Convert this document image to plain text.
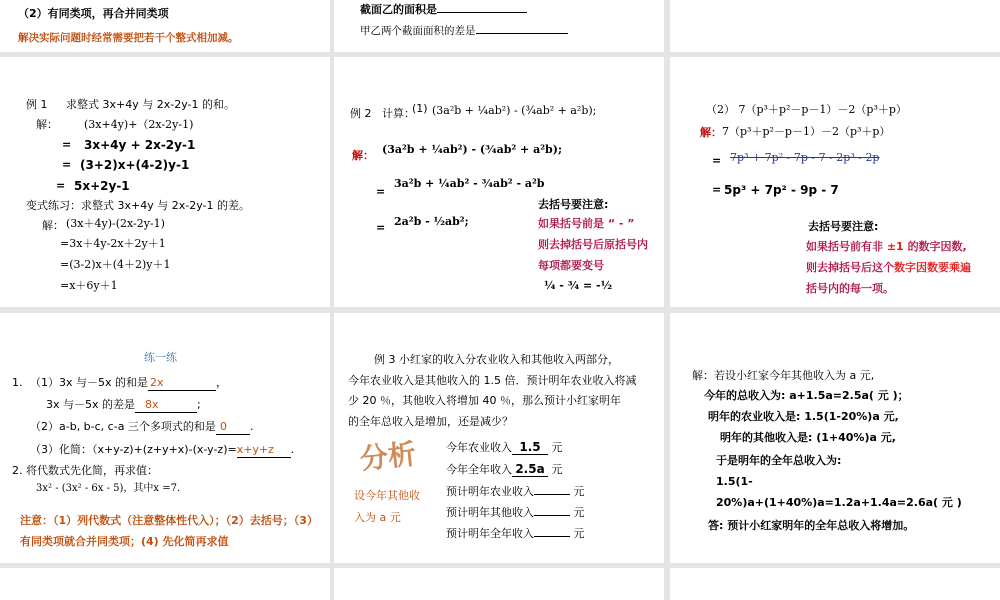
（2）有同类项，再合并同类项
解决实际问题时经常需要把若干个整式相加减。
截面乙的面积是
甲乙两个截面面积的差是
例 1 求整式 3x+4y 与 2x-2y-1 的和。
解： (3x+4y)+（2x-2y-1)
= 3x+4y + 2x-2y-1
= (3+2)x+(4-2)y-1
= 5x+2y-1
变式练习：求整式 3x+4y 与 2x-2y-1 的差。
解： (3x＋4y)-(2x-2y-1)
=3x＋4y-2x＋2y＋1
=(3-2)x＋(4＋2)y＋1
=x＋6y＋1
例 2 计算：
(1) (3a²b + ¼ab²) - (¾ab² + a²b);
解： (3a²b + ¼ab²) - (¾ab² + a²b);
=
3a²b + ¼ab² - ¾ab² - a²b
= 2a²b - ½ab²;
去括号要注意:
如果括号前是 “ - ”
则去掉括号后原括号内
每项都要变号
¼ - ¾ = -½
（2） 7（p³＋p²－p－1）－2（p³＋p）
解： 7（p³＋p²－p－1）－2（p³＋p）
= 7p³ + 7p² - 7p - 7 - 2p³ - 2p
= 5p³ + 7p² - 9p - 7
去括号要注意:
如果括号前有非 ±1 的数字因数,
则去掉括号后这个数字因数要乘遍
括号内的每一项。
练一练
1. （1）3x 与－5x 的和是 2x	，
3x 与－5x 的差是 8x	;
（2）a-b, b-c, c-a 三个多项式的和是 0 .
（3）化简：（x+y-z)+(z+y+x)-(x-y-z)=x+y+z .
2. 将代数式先化简，再求值：
3x² - (3x² - 6x - 5)，其中x =7.
注意：（1）列代数式（注意整体性代入）；（2）去括号；（3）有同类项就合并同类项；(4) 先化简再求值
例 3 小红家的收入分农业收入和其他收入两部分，
今年农业收入是其他收入的 1.5 倍．预计明年农业收入将减
少 20 ％，其他收入将增加 40 ％，那么预计小红家明年
的全年总收入是增加，还是减少？
分析
设今年其他收
入为 a 元
今年农业收入 1.5 元
今年全年收入 2.5a 元
预计明年农业收入	元
预计明年其他收入	元
预计明年全年收入	元
解：若设小红家今年其他收入为 a 元,
今年的总收入为: a+1.5a=2.5a( 元 )；
明年的农业收入是: 1.5(1-20%)a 元,
明年的其他收入是: (1+40%)a 元,
于是明年的全年总收入为:
1.5(1-
20%)a+(1+40%)a=1.2a+1.4a=2.6a( 元 )
答: 预计小红家明年的全年总收入将增加。
